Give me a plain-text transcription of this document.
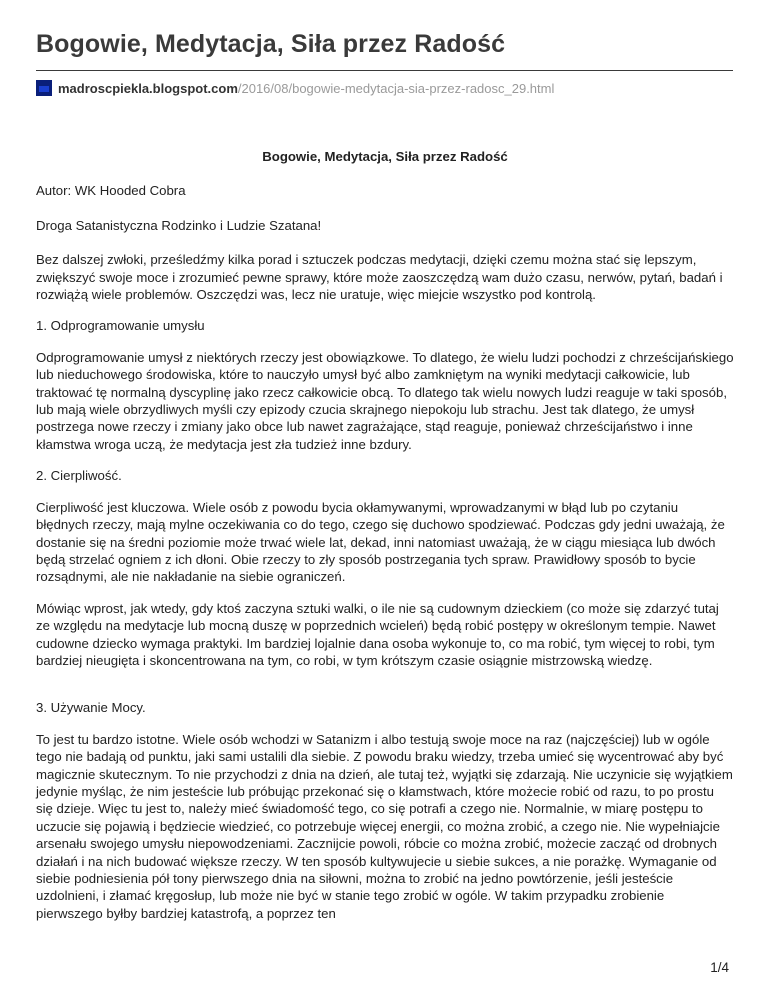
Bogowie, Medytacja, Siła przez Radość
madroscpiekla.blogspot.com /2016/08/bogowie-medytacja-sia-przez-radosc_29.html

Bogowie, Medytacja, Siła przez Radość

Autor: WK Hooded Cobra

Droga Satanistyczna Rodzinko i Ludzie Szatana!

Bez dalszej zwłoki, prześledźmy kilka porad i sztuczek podczas medytacji, dzięki czemu można stać się lepszym, zwiększyć swoje moce i zrozumieć pewne sprawy, które może zaoszczędzą wam dużo czasu, nerwów, pytań, badań i rozwiążą wiele problemów. Oszczędzi was, lecz nie uratuje, więc miejcie wszystko pod kontrolą.

1. Odprogramowanie umysłu

Odprogramowanie umysł z niektórych rzeczy jest obowiązkowe. To dlatego, że wielu ludzi pochodzi z chrześcijańskiego lub nieduchowego środowiska, które to nauczyło umysł być albo zamkniętym na wyniki medytacji całkowicie, lub traktować tę normalną dyscyplinę jako rzecz całkowicie obcą. To dlatego tak wielu nowych ludzi reaguje w taki sposób, lub mają wiele obrzydliwych myśli czy epizody czucia skrajnego niepokoju lub strachu. Jest tak dlatego, że umysł postrzega nowe rzeczy i zmiany jako obce lub nawet zagrażające, stąd reaguje, ponieważ chrześcijaństwo i inne kłamstwa wroga uczą, że medytacja jest zła tudzież inne bzdury.

2. Cierpliwość.

Cierpliwość jest kluczowa. Wiele osób z powodu bycia okłamywanymi, wprowadzanymi w błąd lub po czytaniu błędnych rzeczy, mają mylne oczekiwania co do tego, czego się duchowo spodziewać. Podczas gdy jedni uważają, że dostanie się na średni poziomie może trwać wiele lat, dekad, inni natomiast uważają, że w ciągu miesiąca lub dwóch będą strzelać ogniem z ich dłoni. Obie rzeczy to zły sposób postrzegania tych spraw. Prawidłowy sposób to bycie rozsądnymi, ale nie nakładanie na siebie ograniczeń.

Mówiąc wprost, jak wtedy, gdy ktoś zaczyna sztuki walki, o ile nie są cudownym dzieckiem (co może się zdarzyć tutaj ze względu na medytacje lub mocną duszę w poprzednich wcieleń) będą robić postępy w określonym tempie. Nawet cudowne dziecko wymaga praktyki. Im bardziej lojalnie dana osoba wykonuje to, co ma robić, tym więcej to robi, tym bardziej nieugięta i skoncentrowana na tym, co robi, w tym krótszym czasie osiągnie mistrzowską wiedzę.

3. Używanie Mocy.

To jest tu bardzo istotne. Wiele osób wchodzi w Satanizm i albo testują swoje moce na raz (najczęściej) lub w ogóle tego nie badają od punktu, jaki sami ustalili dla siebie. Z powodu braku wiedzy, trzeba umieć się wycentrować aby być magicznie skutecznym. To nie przychodzi z dnia na dzień, ale tutaj też, wyjątki się zdarzają. Nie uczynicie się wyjątkiem jedynie myśląc, że nim jesteście lub próbując przekonać się o kłamstwach, które możecie robić od razu, to po prostu się dzieje. Więc tu jest to, należy mieć świadomość tego, co się potrafi a czego nie. Normalnie, w miarę postępu to uczucie się pojawią i będziecie wiedzieć, co potrzebuje więcej energii, co można zrobić, a czego nie. Nie wypełniajcie arsenału swojego umysłu niepowodzeniami. Zacznijcie powoli, róbcie co można zrobić, możecie zacząć od drobnych działań i na nich budować większe rzeczy. W ten sposób kultywujecie u siebie sukces, a nie porażkę. Wymaganie od siebie podniesienia pół tony pierwszego dnia na siłowni, można to zrobić na jedno powtórzenie, jeśli jesteście uzdolnieni, i złamać kręgosłup, lub może nie być w stanie tego zrobić w ogóle. W takim przypadku zrobienie pierwszego byłby bardziej katastrofą, a poprzez ten

1/4
